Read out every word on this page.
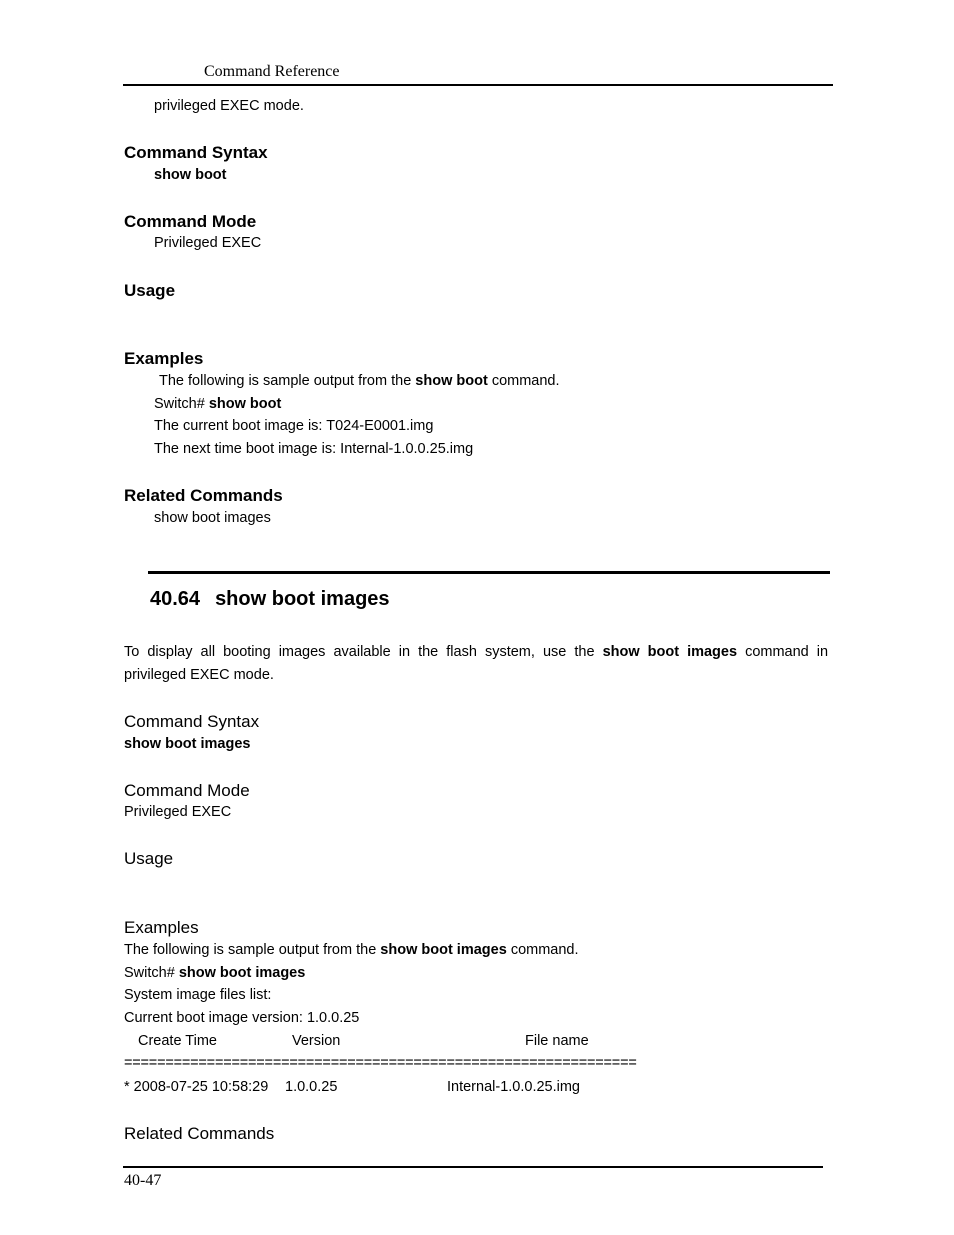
Command Reference
privileged EXEC mode.
Command Syntax
show boot
Command Mode
Privileged EXEC
Usage
Examples
The following is sample output from the show boot command.
Switch# show boot
The current boot image is: T024-E0001.img
The next time boot image is: Internal-1.0.0.25.img
Related Commands
show boot images
40.64 show boot images
To display all booting images available in the flash system, use the show boot images command in
privileged EXEC mode.
Command Syntax
show boot images
Command Mode
Privileged EXEC
Usage
Examples
The following is sample output from the show boot images command.
Switch# show boot images
System image files list:
Current boot image version: 1.0.0.25
Create Time	Version	File name
==============================================================
* 2008-07-25 10:58:29 1.0.0.25	Internal-1.0.0.25.img
Related Commands
40-47
